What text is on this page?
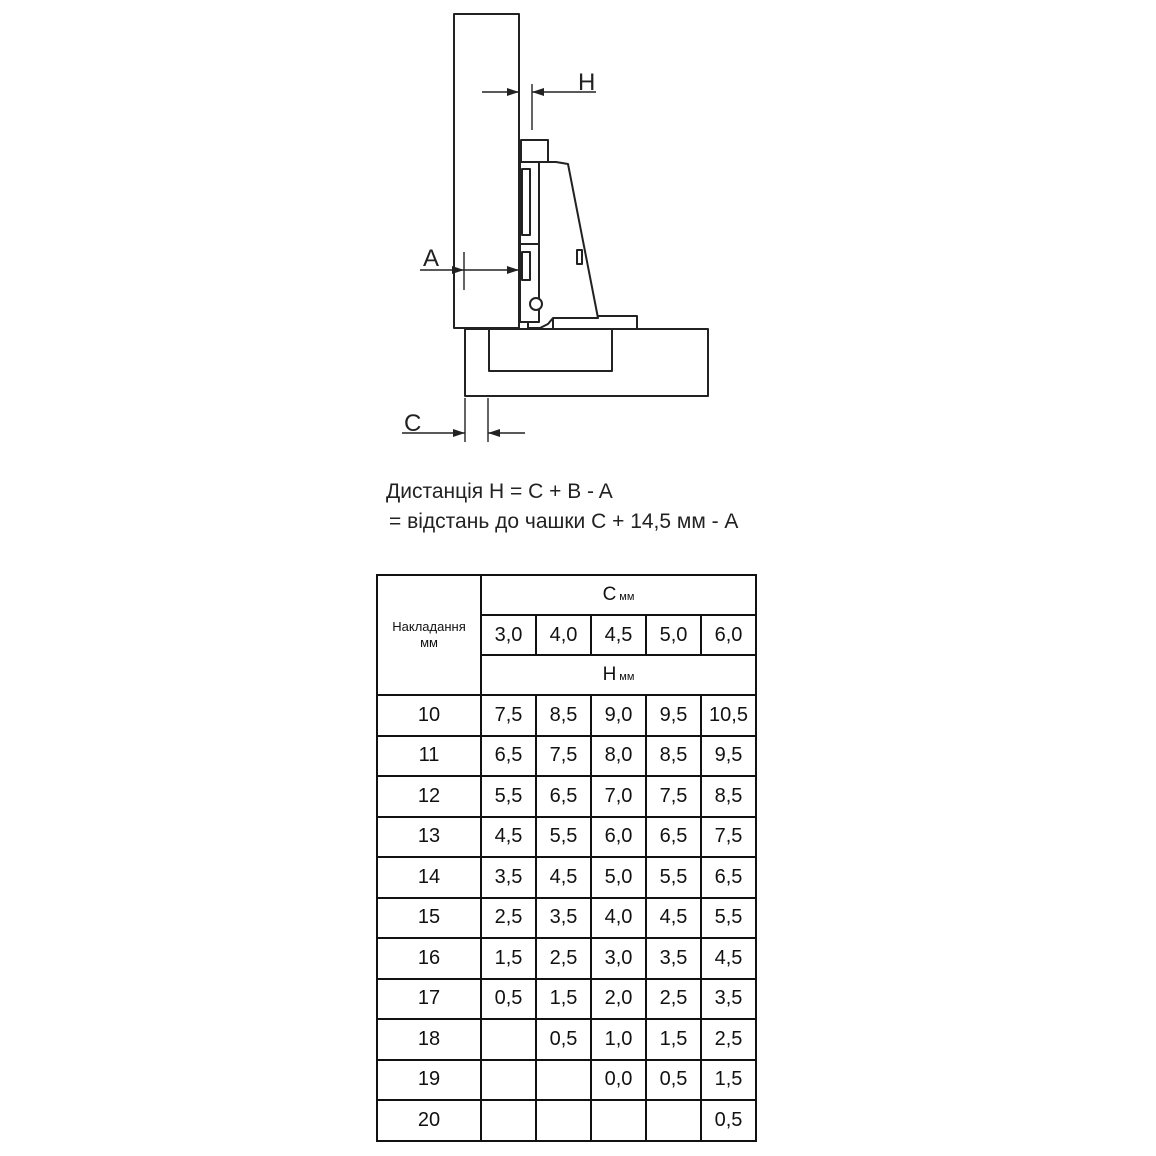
H
A
C
Дистанція H = C + B - A
= відстань до чашки C + 14,5 мм - A
Накладання
мм	C мм				
	3,0	4,0	4,5	5,0	6,0
	H мм				
10	7,5	8,5	9,0	9,5	10,5
11	6,5	7,5	8,0	8,5	9,5
12	5,5	6,5	7,0	7,5	8,5
13	4,5	5,5	6,0	6,5	7,5
14	3,5	4,5	5,0	5,5	6,5
15	2,5	3,5	4,0	4,5	5,5
16	1,5	2,5	3,0	3,5	4,5
17	0,5	1,5	2,0	2,5	3,5
18		0,5	1,0	1,5	2,5
19			0,0	0,5	1,5
20					0,5
